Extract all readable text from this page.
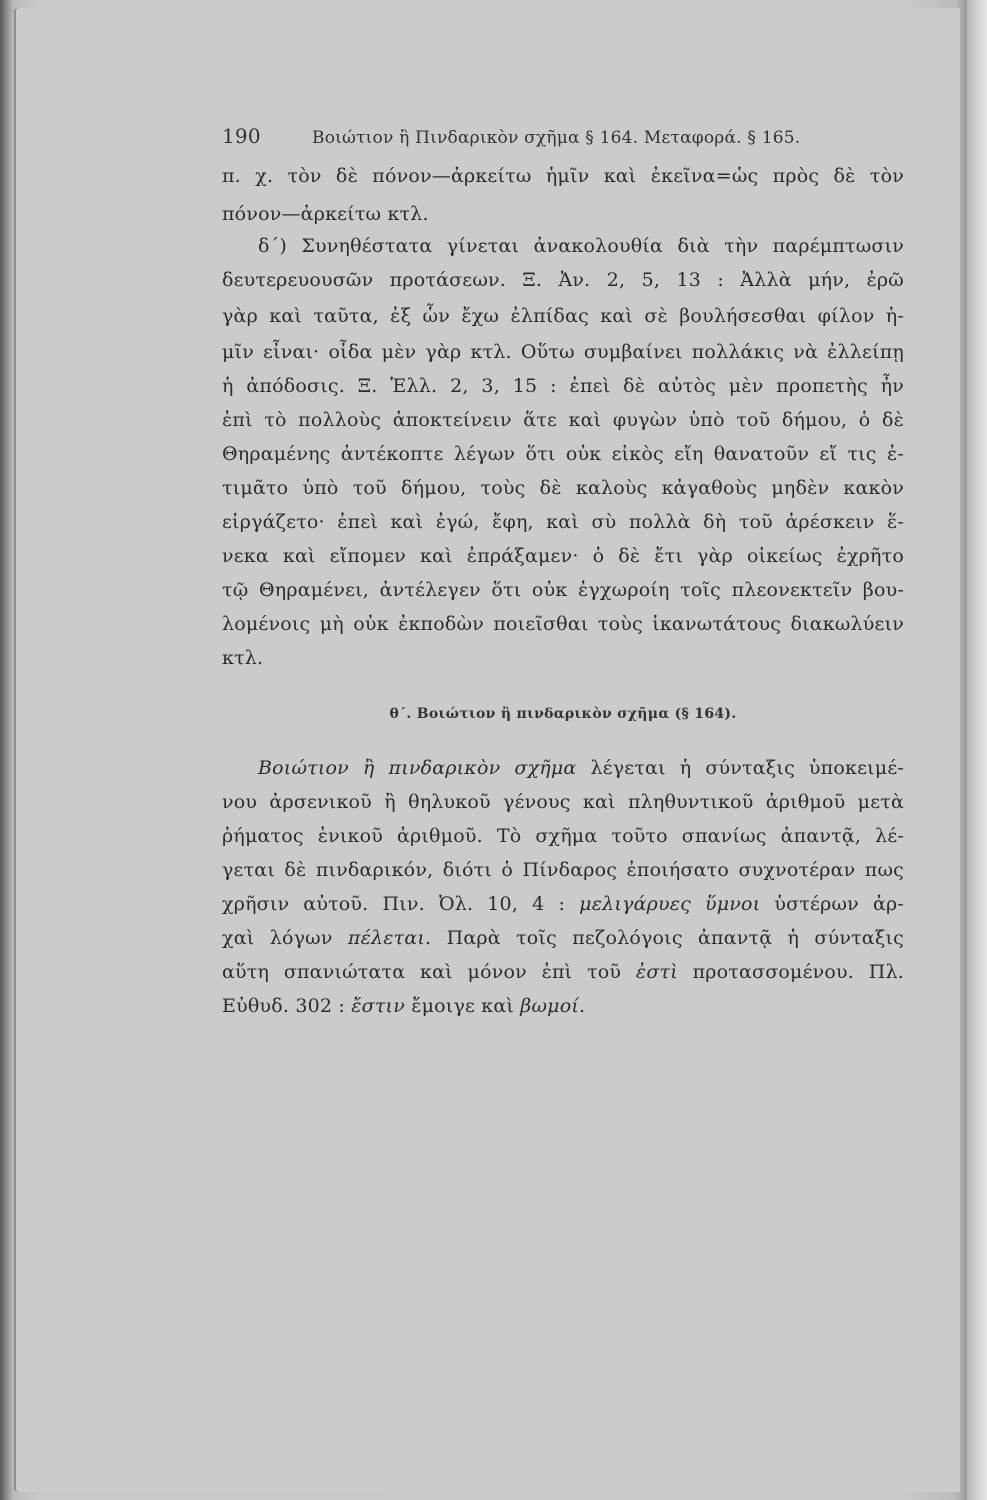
190	Βοιώτιον ἢ Πινδαρικὸν σχῆμα § 164. Μεταφορά. § 165.
π. χ. τὸν δὲ πόνον—ἀρκείτω ἡμῖν καὶ ἐκεῖνα=ὡς πρὸς δὲ τὸν
πόνον—ἀρκείτω κτλ.
δ΄) Συνηθέστατα γίνεται ἀνακολουθία διὰ τὴν παρέμπτωσιν
δευτερευουσῶν προτάσεων. Ξ. Ἀν. 2, 5, 13 : Ἀλλὰ μήν, ἐρῶ
γὰρ καὶ ταῦτα, ἐξ ὧν ἔχω ἐλπίδας καὶ σὲ βουλήσεσθαι φίλον ἡ-
μῖν εἶναι· οἶδα μὲν γὰρ κτλ. Οὕτω συμβαίνει πολλάκις νὰ ἐλλείπῃ
ἡ ἀπόδοσις. Ξ. Ἑλλ. 2, 3, 15 : ἐπεὶ δὲ αὐτὸς μὲν προπετὴς ἦν
ἐπὶ τὸ πολλοὺς ἀποκτείνειν ἅτε καὶ φυγὼν ὑπὸ τοῦ δήμου, ὁ δὲ
Θηραμένης ἀντέκοπτε λέγων ὅτι οὐκ εἰκὸς εἴη θανατοῦν εἴ τις ἐ-
τιμᾶτο ὑπὸ τοῦ δήμου, τοὺς δὲ καλοὺς κἀγαθοὺς μηδὲν κακὸν
εἰργάζετο· ἐπεὶ καὶ ἐγώ, ἔφη, καὶ σὺ πολλὰ δὴ τοῦ ἀρέσκειν ἕ-
νεκα καὶ εἴπομεν καὶ ἐπράξαμεν· ὁ δὲ ἔτι γὰρ οἰκείως ἐχρῆτο
τῷ Θηραμένει, ἀντέλεγεν ὅτι οὐκ ἐγχωροίη τοῖς πλεονεκτεῖν βου-
λομένοις μὴ οὐκ ἐκποδὼν ποιεῖσθαι τοὺς ἱκανωτάτους διακωλύειν
κτλ.
θ΄. Βοιώτιον ἢ πινδαρικὸν σχῆμα (§ 164).
Βοιώτιον ἢ πινδαρικὸν σχῆμα λέγεται ἡ σύνταξις ὑποκειμέ-
νου ἀρσενικοῦ ἢ θηλυκοῦ γένους καὶ πληθυντικοῦ ἀριθμοῦ μετὰ
ῥήματος ἑνικοῦ ἀριθμοῦ. Τὸ σχῆμα τοῦτο σπανίως ἀπαντᾷ, λέ-
γεται δὲ πινδαρικόν, διότι ὁ Πίνδαρος ἐποιήσατο συχνοτέραν πως
χρῆσιν αὐτοῦ. Πιν. Ὀλ. 10, 4 : μελιγάρυες ὕμνοι ὑστέρων ἀρ-
χαὶ λόγων πέλεται. Παρὰ τοῖς πεζολόγοις ἀπαντᾷ ἡ σύνταξις
αὕτη σπανιώτατα καὶ μόνον ἐπὶ τοῦ ἐστὶ προτασσομένου. Πλ.
Εὐθυδ. 302 : ἔστιν ἔμοιγε καὶ βωμοί.
